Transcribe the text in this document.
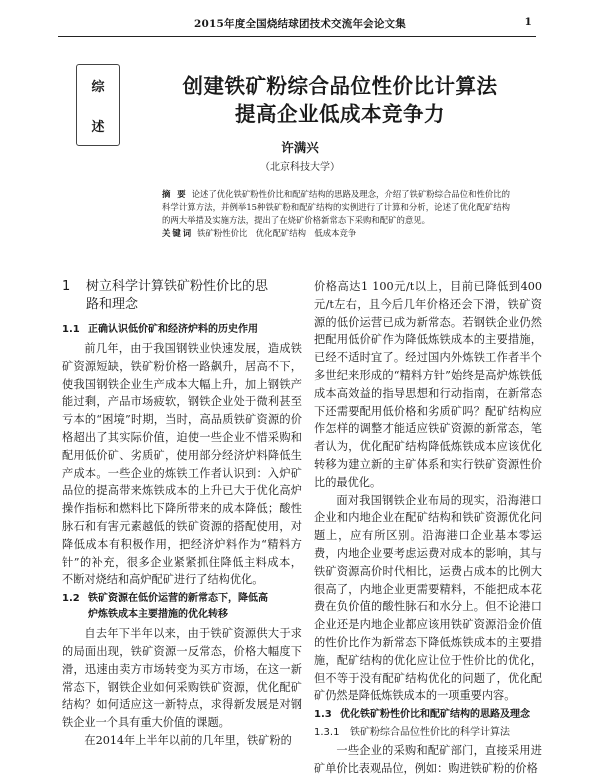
2015年度全国烧结球团技术交流年会论文集	1
综
述
创建铁矿粉综合品位性价比计算法
提高企业低成本竞争力
许满兴
（北京科技大学）

摘 要 论述了优化铁矿粉性价比和配矿结构的思路及理念，介绍了铁矿粉综合品位和性价比的科学计算方法，并例举15种铁矿粉和配矿结构的实例进行了计算和分析，论述了优化配矿结构的两大举措及实施方法，提出了在烧矿价格新常态下采购和配矿的意见。

关键词 铁矿粉性价比　优化配矿结构　低成本竞争

1	树立科学计算铁矿粉性价比的思
路和理念
1.1 正确认识低价矿和经济炉料的历史作用

前几年，由于我国钢铁业快速发展，造成铁矿资源短缺，铁矿粉价格一路飙升，居高不下，使我国钢铁企业生产成本大幅上升，加上钢铁产能过剩，产品市场疲软，钢铁企业处于微利甚至亏本的“困境”时期，当时，高品质铁矿资源的价格超出了其实际价值，迫使一些企业不惜采购和配用低价矿、劣质矿，使用部分经济炉料降低生产成本。一些企业的炼铁工作者认识到：入炉矿品位的提高带来炼铁成本的上升已大于优化高炉操作指标和燃料比下降所带来的成本降低；酸性脉石和有害元素越低的铁矿资源的搭配使用，对降低成本有积极作用，把经济炉料作为“精料方针”的补充，很多企业紧紧抓住降低主料成本，不断对烧结和高炉配矿进行了结构优化。

1.2 铁矿资源在低价运营的新常态下，降低高
炉炼铁成本主要措施的优化转移

自去年下半年以来，由于铁矿资源供大于求的局面出现，铁矿资源一反常态，价格大幅度下滑，迅速由卖方市场转变为买方市场，在这一新常态下，钢铁企业如何采购铁矿资源，优化配矿结构？如何适应这一新特点，求得新发展是对钢铁企业一个具有重大价值的课题。

在2014年上半年以前的几年里，铁矿粉的

价格高达1 100元/t以上，目前已降低到400元/t左右，且今后几年价格还会下滑，铁矿资源的低价运营已成为新常态。若钢铁企业仍然把配用低价矿作为降低炼铁成本的主要措施，已经不适时宜了。经过国内外炼铁工作者半个多世纪来形成的“精料方针”始终是高炉炼铁低成本高效益的指导思想和行动指南，在新常态下还需要配用低价格和劣质矿吗？配矿结构应作怎样的调整才能适应铁矿资源的新常态，笔者认为，优化配矿结构降低炼铁成本应该优化转移为建立新的主矿体系和实行铁矿资源性价比的最优化。

面对我国钢铁企业布局的现实，沿海港口企业和内地企业在配矿结构和铁矿资源优化问题上，应有所区别。沿海港口企业基本零运费，内地企业要考虑运费对成本的影响，其与铁矿资源高价时代相比，运费占成本的比例大很高了，内地企业更需要精料，不能把成本花费在负价值的酸性脉石和水分上。但不论港口企业还是内地企业都应该用铁矿资源沿金价值的性价比作为新常态下降低炼铁成本的主要措施，配矿结构的优化应让位于性价比的优化，但不等于没有配矿结构优化的问题了，优化配矿仍然是降低炼铁成本的一项重要内容。

1.3 优化铁矿粉性价比和配矿结构的思路及理念
1.3.1	铁矿粉综合品位性价比的科学计算法

一些企业的采购和配矿部门，直接采用进矿单价比表观品位，例如：购进铁矿粉的价格
